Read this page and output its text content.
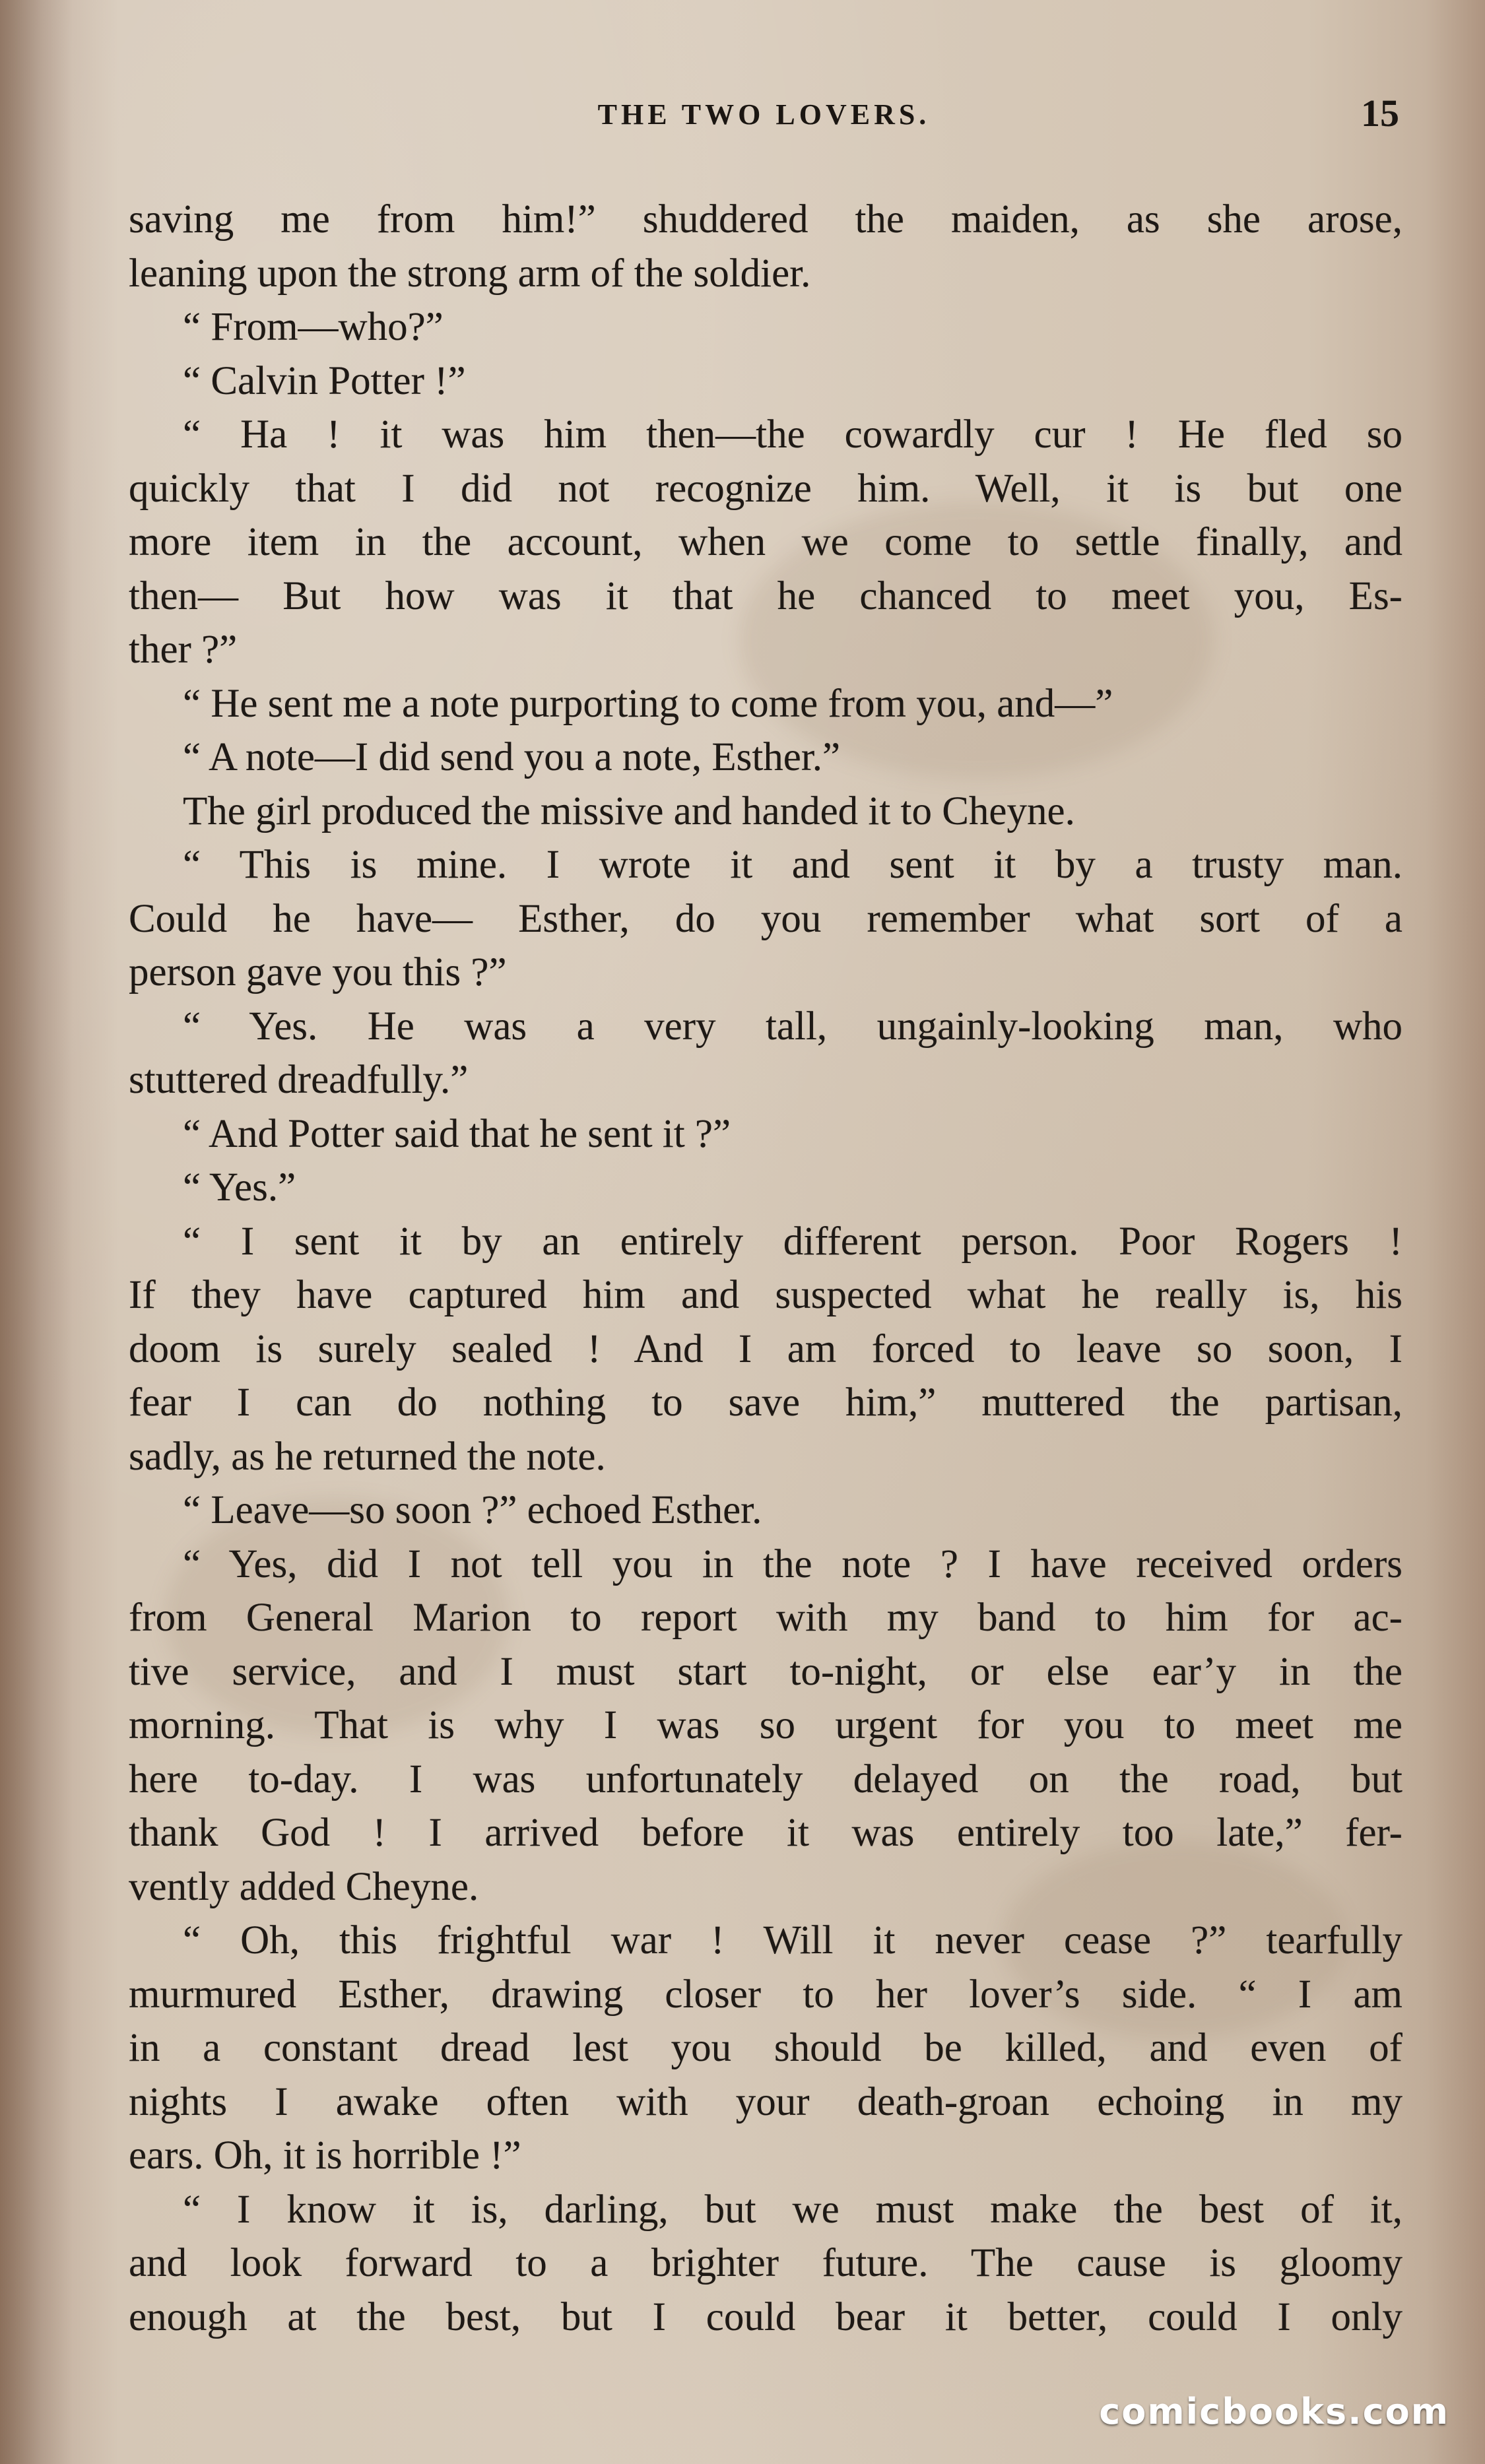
THE TWO LOVERS.	15
saving me from him!” shuddered the maiden, as she arose,
leaning upon the strong arm of the soldier.
“ From—who?”
“ Calvin Potter !”
“ Ha ! it was him then—the cowardly cur ! He fled so
quickly that I did not recognize him. Well, it is but one
more item in the account, when we come to settle finally, and
then— But how was it that he chanced to meet you, Es-
ther ?”
“ He sent me a note purporting to come from you, and—”
“ A note—I did send you a note, Esther.”
The girl produced the missive and handed it to Cheyne.
“ This is mine. I wrote it and sent it by a trusty man.
Could he have— Esther, do you remember what sort of a
person gave you this ?”
“ Yes. He was a very tall, ungainly-looking man, who
stuttered dreadfully.”
“ And Potter said that he sent it ?”
“ Yes.”
“ I sent it by an entirely different person. Poor Rogers !
If they have captured him and suspected what he really is, his
doom is surely sealed ! And I am forced to leave so soon, I
fear I can do nothing to save him,” muttered the partisan,
sadly, as he returned the note.
“ Leave—so soon ?” echoed Esther.
“ Yes, did I not tell you in the note ? I have received orders
from General Marion to report with my band to him for ac-
tive service, and I must start to-night, or else ear’y in the
morning. That is why I was so urgent for you to meet me
here to-day. I was unfortunately delayed on the road, but
thank God ! I arrived before it was entirely too late,” fer-
vently added Cheyne.
“ Oh, this frightful war ! Will it never cease ?” tearfully
murmured Esther, drawing closer to her lover’s side. “ I am
in a constant dread lest you should be killed, and even of
nights I awake often with your death-groan echoing in my
ears. Oh, it is horrible !”
“ I know it is, darling, but we must make the best of it,
and look forward to a brighter future. The cause is gloomy
enough at the best, but I could bear it better, could I only
comicbooks.com
